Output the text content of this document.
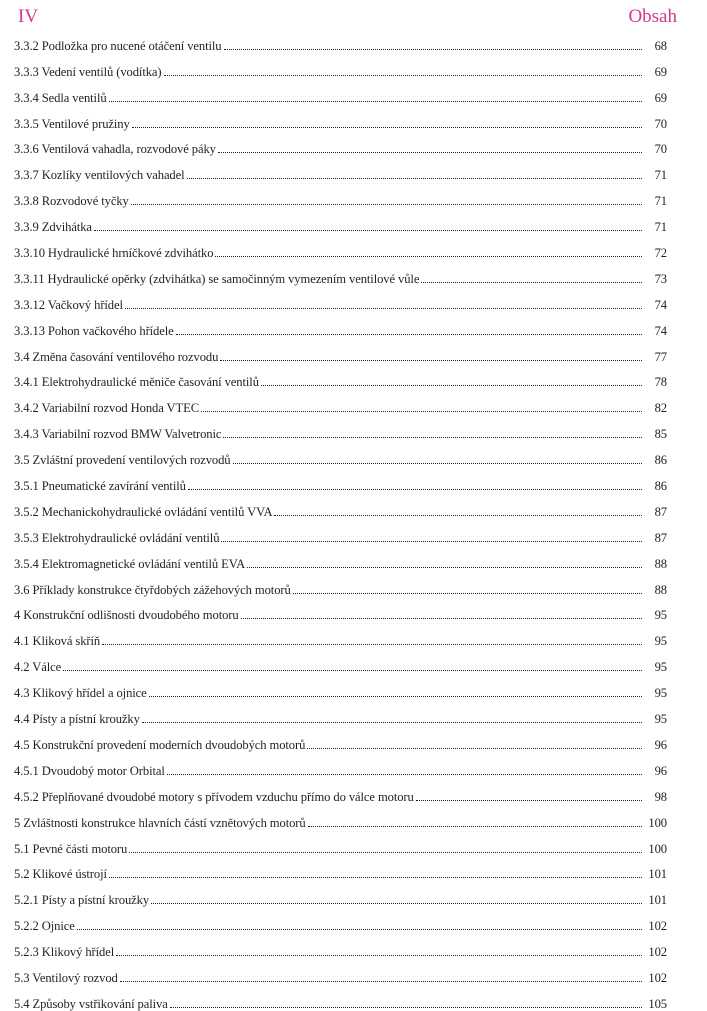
IV	Obsah
3.3.2 Podložka pro nucené otáčení ventilu	68
3.3.3 Vedení ventilů (vodítka)	69
3.3.4 Sedla ventilů	69
3.3.5 Ventilové pružiny	70
3.3.6 Ventilová vahadla, rozvodové páky	70
3.3.7 Kozlíky ventilových vahadel	71
3.3.8 Rozvodové tyčky	71
3.3.9 Zdvihátka	71
3.3.10 Hydraulické hrníčkové zdvihátko	72
3.3.11 Hydraulické opěrky (zdvihátka) se samočinným vymezením ventilové vůle	73
3.3.12 Vačkový hřídel	74
3.3.13 Pohon vačkového hřídele	74
3.4 Změna časování ventilového rozvodu	77
3.4.1 Elektrohydraulické měniče časování ventilů	78
3.4.2 Variabilní rozvod Honda VTEC	82
3.4.3 Variabilní rozvod BMW Valvetronic	85
3.5 Zvláštní provedení ventilových rozvodů	86
3.5.1 Pneumatické zavírání ventilů	86
3.5.2 Mechanickohydraulické ovládání ventilů VVA	87
3.5.3 Elektrohydraulické ovládání ventilů	87
3.5.4 Elektromagnetické ovládání ventilů EVA	88
3.6 Příklady konstrukce čtyřdobých zážehových motorů	88
4 Konstrukční odlišnosti dvoudobého motoru	95
4.1 Kliková skříň	95
4.2 Válce	95
4.3 Klikový hřídel a ojnice	95
4.4 Písty a pístní kroužky	95
4.5 Konstrukční provedení moderních dvoudobých motorů	96
4.5.1 Dvoudobý motor Orbital	96
4.5.2 Přeplňované dvoudobé motory s přívodem vzduchu přímo do válce motoru	98
5 Zvláštnosti konstrukce hlavních částí vznětových motorů	100
5.1 Pevné části motoru	100
5.2 Klikové ústrojí	101
5.2.1 Písty a pístní kroužky	101
5.2.2 Ojnice	102
5.2.3 Klikový hřídel	102
5.3 Ventilový rozvod	102
5.4 Způsoby vstřikování paliva	105
